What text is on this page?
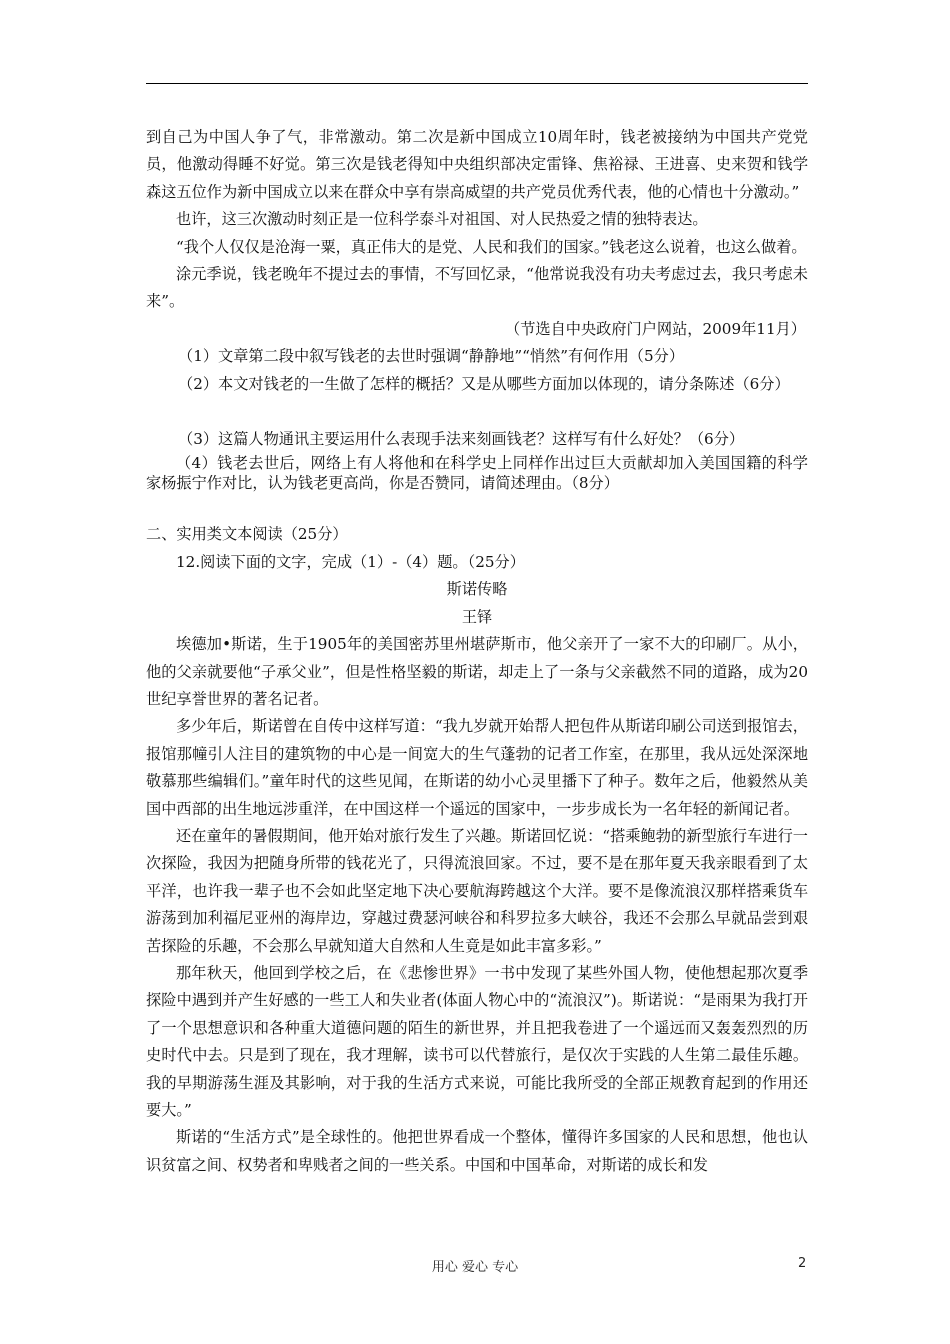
到自己为中国人争了气，非常激动。第二次是新中国成立10周年时，钱老被接纳为中国共产党党员，他激动得睡不好觉。第三次是钱老得知中央组织部决定雷锋、焦裕禄、王进喜、史来贺和钱学森这五位作为新中国成立以来在群众中享有崇高威望的共产党员优秀代表，他的心情也十分激动。”

也许，这三次激动时刻正是一位科学泰斗对祖国、对人民热爱之情的独特表达。

“我个人仅仅是沧海一粟，真正伟大的是党、人民和我们的国家。”钱老这么说着，也这么做着。

涂元季说，钱老晚年不提过去的事情，不写回忆录，“他常说我没有功夫考虑过去，我只考虑未来”。

（节选自中央政府门户网站，2009年11月）

（1）文章第二段中叙写钱老的去世时强调“静静地”“悄然”有何作用（5分）

（2）本文对钱老的一生做了怎样的概括？又是从哪些方面加以体现的，请分条陈述（6分）

（3）这篇人物通讯主要运用什么表现手法来刻画钱老？这样写有什么好处？（6分）

（4）钱老去世后，网络上有人将他和在科学史上同样作出过巨大贡献却加入美国国籍的科学家杨振宁作对比，认为钱老更高尚，你是否赞同，请简述理由。（8分）

二、实用类文本阅读（25分）

12.阅读下面的文字，完成（1）-（4）题。（25分）

斯诺传略

王铎

埃德加•斯诺，生于1905年的美国密苏里州堪萨斯市，他父亲开了一家不大的印刷厂。从小，他的父亲就要他“子承父业”，但是性格坚毅的斯诺，却走上了一条与父亲截然不同的道路，成为20世纪享誉世界的著名记者。

多少年后，斯诺曾在自传中这样写道：“我九岁就开始帮人把包件从斯诺印刷公司送到报馆去，报馆那幢引人注目的建筑物的中心是一间宽大的生气蓬勃的记者工作室，在那里，我从远处深深地敬慕那些编辑们。”童年时代的这些见闻，在斯诺的幼小心灵里播下了种子。数年之后，他毅然从美国中西部的出生地远涉重洋，在中国这样一个遥远的国家中，一步步成长为一名年轻的新闻记者。

还在童年的暑假期间，他开始对旅行发生了兴趣。斯诺回忆说：“搭乘鲍勃的新型旅行车进行一次探险，我因为把随身所带的钱花光了，只得流浪回家。不过，要不是在那年夏天我亲眼看到了太平洋，也许我一辈子也不会如此坚定地下决心要航海跨越这个大洋。要不是像流浪汉那样搭乘货车游荡到加利福尼亚州的海岸边，穿越过费瑟河峡谷和科罗拉多大峡谷，我还不会那么早就品尝到艰苦探险的乐趣，不会那么早就知道大自然和人生竟是如此丰富多彩。”

那年秋天，他回到学校之后，在《悲惨世界》一书中发现了某些外国人物，使他想起那次夏季探险中遇到并产生好感的一些工人和失业者(体面人物心中的“流浪汉”)。斯诺说：“是雨果为我打开了一个思想意识和各种重大道德问题的陌生的新世界，并且把我卷进了一个遥远而又轰轰烈烈的历史时代中去。只是到了现在，我才理解，读书可以代替旅行，是仅次于实践的人生第二最佳乐趣。我的早期游荡生涯及其影响，对于我的生活方式来说，可能比我所受的全部正规教育起到的作用还要大。”

斯诺的“生活方式”是全球性的。他把世界看成一个整体，懂得许多国家的人民和思想，他也认识贫富之间、权势者和卑贱者之间的一些关系。中国和中国革命，对斯诺的成长和发

用心 爱心 专心	2
